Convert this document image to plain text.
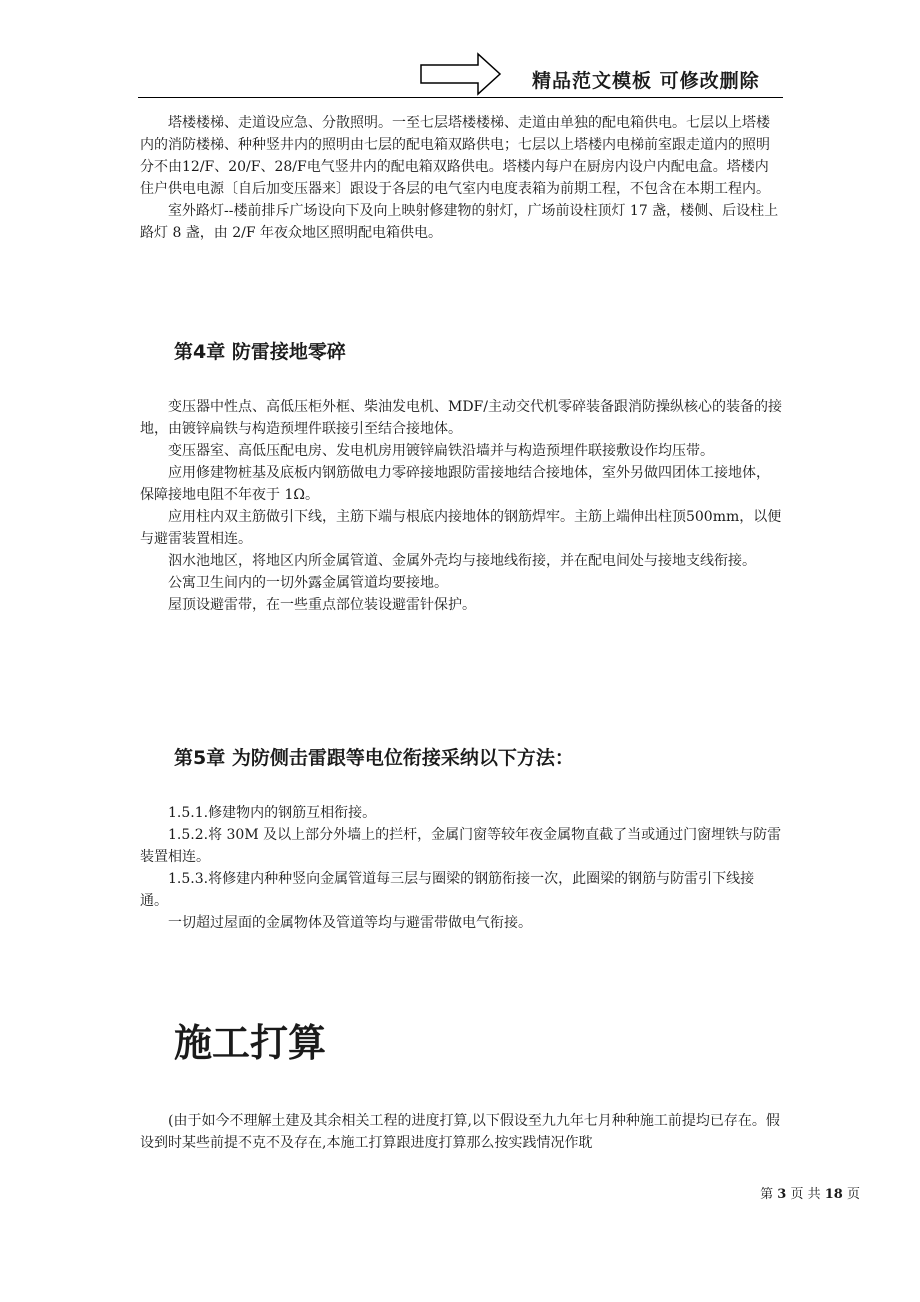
精品范文模板 可修改删除

塔楼楼梯、走道设应急、分散照明。一至七层塔楼楼梯、走道由单独的配电箱供电。七层以上塔楼内的消防楼梯、种种竖井内的照明由七层的配电箱双路供电；七层以上塔楼内电梯前室跟走道内的照明分不由12/F、20/F、28/F电气竖井内的配电箱双路供电。塔楼内每户在厨房内设户内配电盒。塔楼内住户供电电源〔自后加变压器来〕跟设于各层的电气室内电度表箱为前期工程，不包含在本期工程内。

室外路灯--楼前排斥广场设向下及向上映射修建物的射灯，广场前设柱顶灯 17 盏，楼侧、后设柱上路灯 8 盏，由 2/F 年夜众地区照明配电箱供电。

第4章 防雷接地零碎

变压器中性点、高低压柜外框、柴油发电机、MDF/主动交代机零碎装备跟消防操纵核心的装备的接地，由镀锌扁铁与构造预埋件联接引至结合接地体。

变压器室、高低压配电房、发电机房用镀锌扁铁沿墙并与构造预埋件联接敷设作均压带。

应用修建物桩基及底板内钢筋做电力零碎接地跟防雷接地结合接地体，室外另做四团体工接地体，保障接地电阻不年夜于 1Ω。

应用柱内双主筋做引下线，主筋下端与根底内接地体的钢筋焊牢。主筋上端伸出柱顶500mm，以便与避雷装置相连。

泅水池地区，将地区内所金属管道、金属外壳均与接地线衔接，并在配电间处与接地支线衔接。

公寓卫生间内的一切外露金属管道均要接地。

屋顶设避雷带，在一些重点部位装设避雷针保护。

第5章 为防侧击雷跟等电位衔接采纳以下方法：

1.5.1.修建物内的钢筋互相衔接。

1.5.2.将 30M 及以上部分外墙上的拦杆，金属门窗等较年夜金属物直截了当或通过门窗埋铁与防雷装置相连。

1.5.3.将修建内种种竖向金属管道每三层与圈梁的钢筋衔接一次，此圈梁的钢筋与防雷引下线接通。

一切超过屋面的金属物体及管道等均与避雷带做电气衔接。

施工打算

(由于如今不理解土建及其余相关工程的进度打算,以下假设至九九年七月种种施工前提均已存在。假设到时某些前提不克不及存在,本施工打算跟进度打算那么按实践情况作耽

第 3 页 共 18 页
